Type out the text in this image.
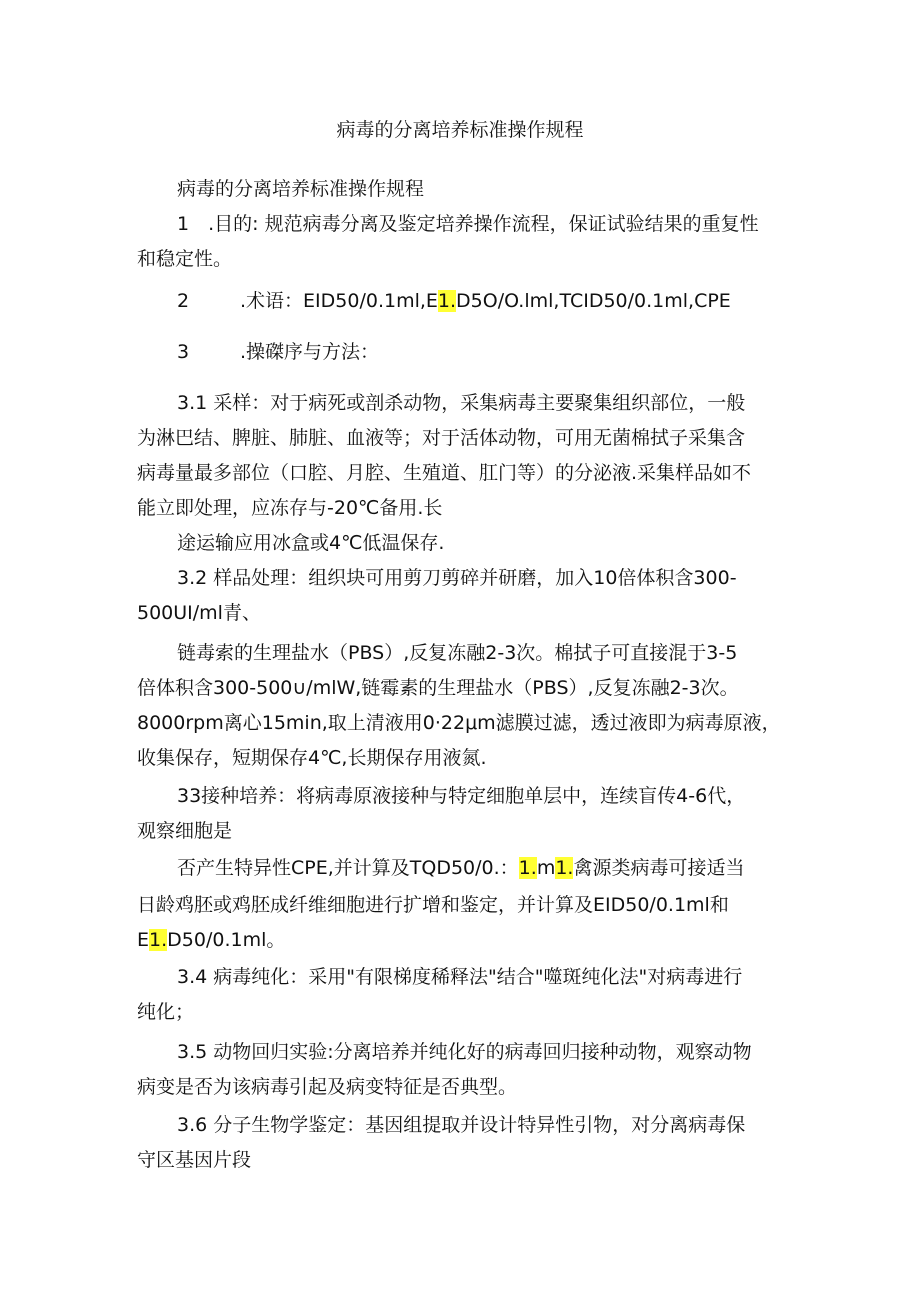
病毒的分离培养标准操作规程

病毒的分离培养标准操作规程

1　.目的: 规范病毒分离及鉴定培养操作流程，保证试验结果的重复性

和稳定性。

2	.术语：EID50∕0.1ml,E1.D5O∕O.lml,TCID50∕0.1ml,CPE

3	.操磔序与方法：

3.1 采样：对于病死或剖杀动物，采集病毒主要聚集组织部位，一般

为淋巴结、脾脏、肺脏、血液等；对于活体动物，可用无菌棉拭子采集含

病毒量最多部位（口腔、月腔、生殖道、肛门等）的分泌液.采集样品如不

能立即处理，应冻存与-20℃备用.长

途运输应用冰盒或4℃低温保存.

3.2 样品处理：组织块可用剪刀剪碎并研磨，加入10倍体积含300-

500UI∕ml青、

链毒索的生理盐水（PBS）,反复冻融2-3次。棉拭子可直接混于3-5

倍体积含300-500∪∕mlW,链霉素的生理盐水（PBS）,反复冻融2-3次。

8000rpm离心15min,取上清液用0·22μm滤膜过滤，透过液即为病毒原液，

收集保存，短期保存4℃,长期保存用液氮.

33接种培养：将病毒原液接种与特定细胞单层中，连续盲传4-6代，

观察细胞是

否产生特异性CPE,并计算及TQD50∕0.：1.m1.禽源类病毒可接适当

日龄鸡胚或鸡胚成纤维细胞进行扩增和鉴定，并计算及EID50∕0.1ml和

E1.D50∕0.1ml。

3.4 病毒纯化：采用"有限梯度稀释法"结合"噬斑纯化法"对病毒进行

纯化；

3.5 动物回归实验:分离培养并纯化好的病毒回归接种动物，观察动物

病变是否为该病毒引起及病变特征是否典型。

3.6 分子生物学鉴定：基因组提取并设计特异性引物，对分离病毒保

守区基因片段
